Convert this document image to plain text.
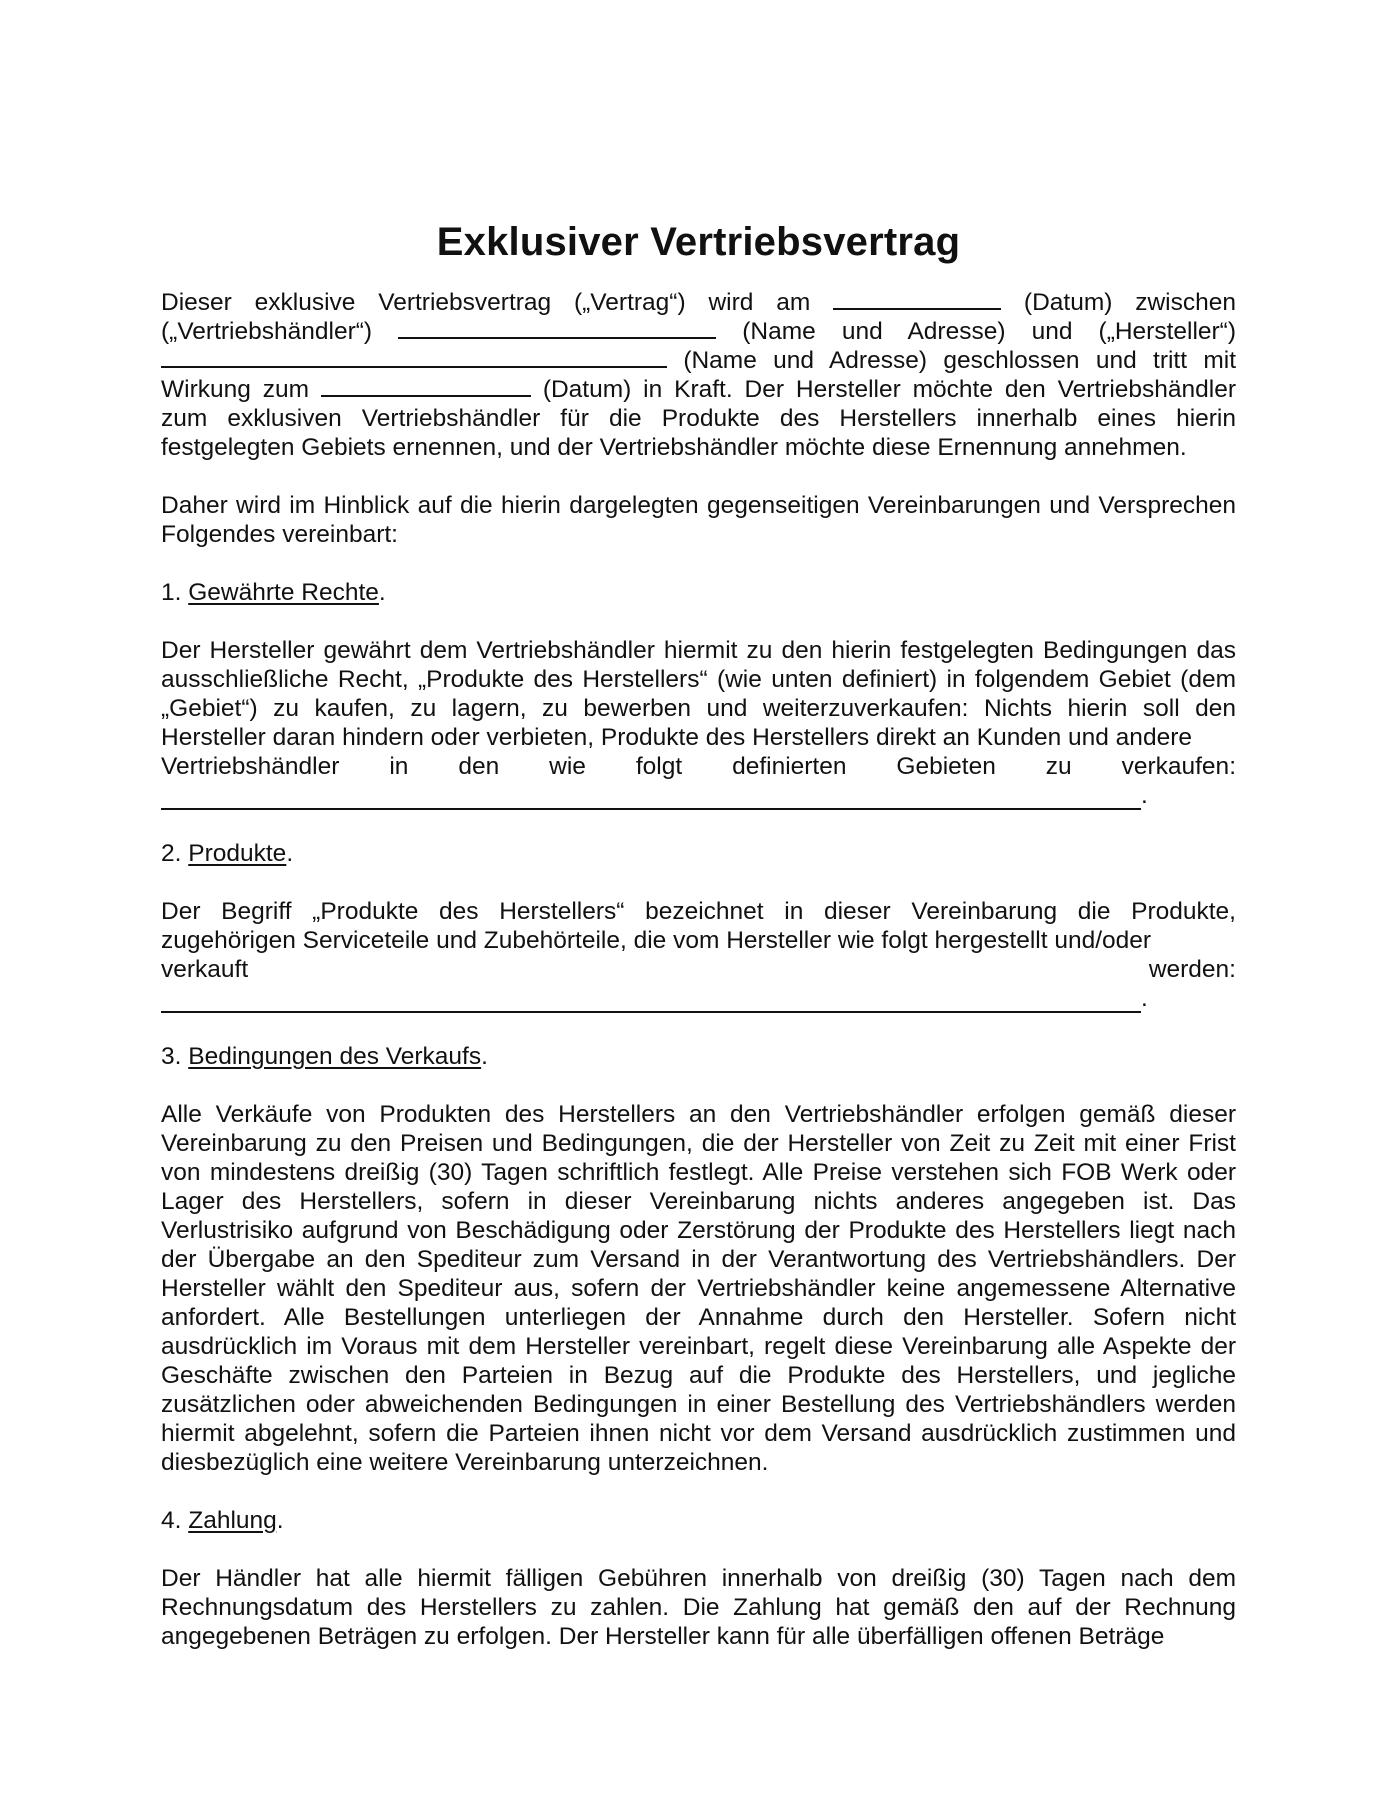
Exklusiver Vertriebsvertrag

Dieser exklusive Vertriebsvertrag („Vertrag“) wird am	(Datum) zwischen („Vertriebshändler“)	(Name und Adresse) und („Hersteller“)  (Name und Adresse) geschlossen und tritt mit Wirkung zum	(Datum) in Kraft. Der Hersteller möchte den Vertriebshändler zum exklusiven Vertriebshändler für die Produkte des Herstellers innerhalb eines hierin festgelegten Gebiets ernennen, und der Vertriebshändler möchte diese Ernennung annehmen.

Daher wird im Hinblick auf die hierin dargelegten gegenseitigen Vereinbarungen und Versprechen Folgendes vereinbart:

1. Gewährte Rechte.

Der Hersteller gewährt dem Vertriebshändler hiermit zu den hierin festgelegten Bedingungen das ausschließliche Recht, „Produkte des Herstellers“ (wie unten definiert) in folgendem Gebiet (dem „Gebiet“) zu kaufen, zu lagern, zu bewerben und weiterzuverkaufen: Nichts hierin soll den Hersteller daran hindern oder verbieten, Produkte des Herstellers direkt an Kunden und andere

Vertriebshändler in den wie folgt definierten Gebieten zu verkaufen:
.

2. Produkte.

Der Begriff „Produkte des Herstellers“ bezeichnet in dieser Vereinbarung die Produkte, zugehörigen Serviceteile und Zubehörteile, die vom Hersteller wie folgt hergestellt und/oder

verkauft	werden:
.

3. Bedingungen des Verkaufs.

Alle Verkäufe von Produkten des Herstellers an den Vertriebshändler erfolgen gemäß dieser Vereinbarung zu den Preisen und Bedingungen, die der Hersteller von Zeit zu Zeit mit einer Frist von mindestens dreißig (30) Tagen schriftlich festlegt. Alle Preise verstehen sich FOB Werk oder Lager des Herstellers, sofern in dieser Vereinbarung nichts anderes angegeben ist. Das Verlustrisiko aufgrund von Beschädigung oder Zerstörung der Produkte des Herstellers liegt nach der Übergabe an den Spediteur zum Versand in der Verantwortung des Vertriebshändlers. Der Hersteller wählt den Spediteur aus, sofern der Vertriebshändler keine angemessene Alternative anfordert. Alle Bestellungen unterliegen der Annahme durch den Hersteller. Sofern nicht ausdrücklich im Voraus mit dem Hersteller vereinbart, regelt diese Vereinbarung alle Aspekte der Geschäfte zwischen den Parteien in Bezug auf die Produkte des Herstellers, und jegliche zusätzlichen oder abweichenden Bedingungen in einer Bestellung des Vertriebshändlers werden hiermit abgelehnt, sofern die Parteien ihnen nicht vor dem Versand ausdrücklich zustimmen und diesbezüglich eine weitere Vereinbarung unterzeichnen.

4. Zahlung.

Der Händler hat alle hiermit fälligen Gebühren innerhalb von dreißig (30) Tagen nach dem Rechnungsdatum des Herstellers zu zahlen. Die Zahlung hat gemäß den auf der Rechnung angegebenen Beträgen zu erfolgen. Der Hersteller kann für alle überfälligen offenen Beträge
